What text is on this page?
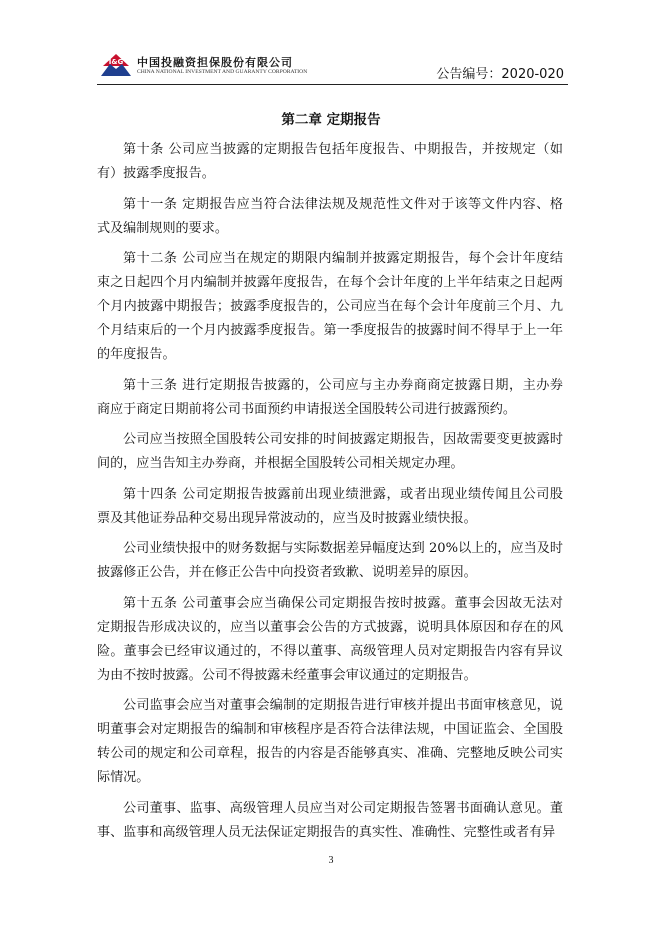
I&G 中国投融资担保股份有限公司
CHINA NATIONAL INVESTMENT AND GUARANTY CORPORATION	公告编号：2020-020
第二章 定期报告
第十条 公司应当披露的定期报告包括年度报告、中期报告，并按规定（如
有）披露季度报告。
第十一条 定期报告应当符合法律法规及规范性文件对于该等文件内容、格
式及编制规则的要求。
第十二条 公司应当在规定的期限内编制并披露定期报告，每个会计年度结
束之日起四个月内编制并披露年度报告，在每个会计年度的上半年结束之日起两
个月内披露中期报告；披露季度报告的，公司应当在每个会计年度前三个月、九
个月结束后的一个月内披露季度报告。第一季度报告的披露时间不得早于上一年
的年度报告。
第十三条 进行定期报告披露的，公司应与主办券商商定披露日期，主办券
商应于商定日期前将公司书面预约申请报送全国股转公司进行披露预约。
公司应当按照全国股转公司安排的时间披露定期报告，因故需要变更披露时
间的，应当告知主办券商，并根据全国股转公司相关规定办理。
第十四条 公司定期报告披露前出现业绩泄露，或者出现业绩传闻且公司股
票及其他证券品种交易出现异常波动的，应当及时披露业绩快报。
公司业绩快报中的财务数据与实际数据差异幅度达到 20%以上的，应当及时
披露修正公告，并在修正公告中向投资者致歉、说明差异的原因。
第十五条 公司董事会应当确保公司定期报告按时披露。董事会因故无法对
定期报告形成决议的，应当以董事会公告的方式披露，说明具体原因和存在的风
险。董事会已经审议通过的，不得以董事、高级管理人员对定期报告内容有异议
为由不按时披露。公司不得披露未经董事会审议通过的定期报告。
公司监事会应当对董事会编制的定期报告进行审核并提出书面审核意见，说
明董事会对定期报告的编制和审核程序是否符合法律法规，中国证监会、全国股
转公司的规定和公司章程，报告的内容是否能够真实、准确、完整地反映公司实
际情况。
公司董事、监事、高级管理人员应当对公司定期报告签署书面确认意见。董
事、监事和高级管理人员无法保证定期报告的真实性、准确性、完整性或者有异
3
